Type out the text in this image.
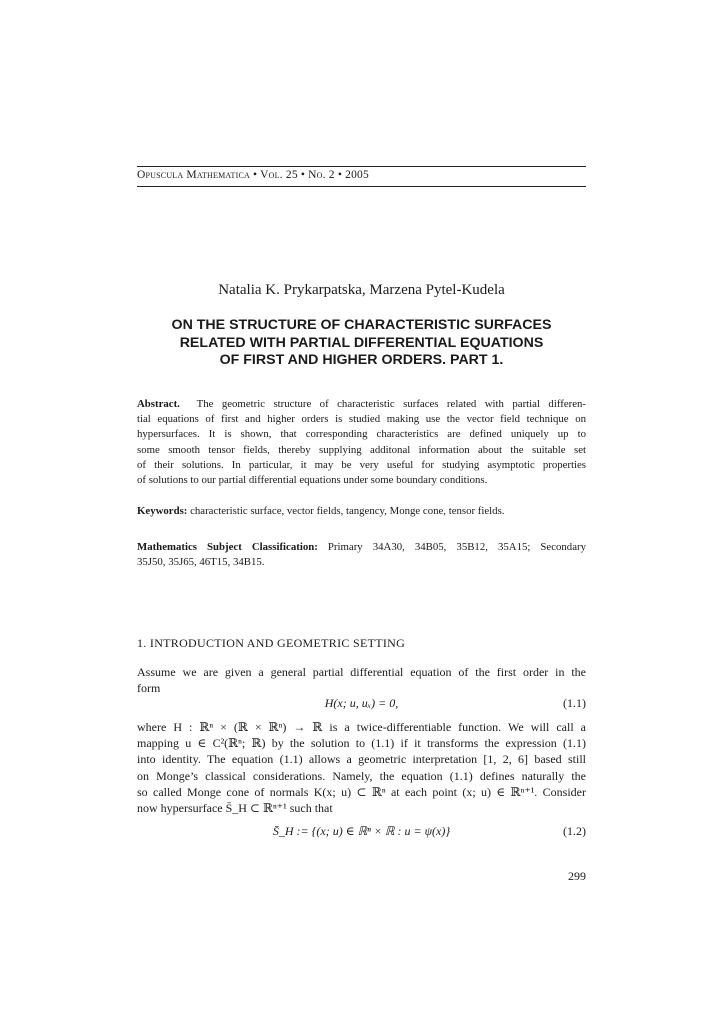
Opuscula Mathematica • Vol. 25 • No. 2 • 2005
Natalia K. Prykarpatska, Marzena Pytel-Kudela
ON THE STRUCTURE OF CHARACTERISTIC SURFACES
RELATED WITH PARTIAL DIFFERENTIAL EQUATIONS
OF FIRST AND HIGHER ORDERS. PART 1.
Abstract. The geometric structure of characteristic surfaces related with partial differen-
tial equations of first and higher orders is studied making use the vector field technique on
hypersurfaces. It is shown, that corresponding characteristics are defined uniquely up to
some smooth tensor fields, thereby supplying additonal information about the suitable set
of their solutions. In particular, it may be very useful for studying asymptotic properties
of solutions to our partial differential equations under some boundary conditions.
Keywords: characteristic surface, vector fields, tangency, Monge cone, tensor fields.
Mathematics Subject Classification: Primary 34A30, 34B05, 35B12, 35A15; Secondary
35J50, 35J65, 46T15, 34B15.
1. INTRODUCTION AND GEOMETRIC SETTING
Assume we are given a general partial differential equation of the first order in the
form
H(x; u, uₓ) = 0,	(1.1)
where H : ℝⁿ × (ℝ × ℝⁿ) → ℝ is a twice-differentiable function. We will call a
mapping u ∈ C²(ℝⁿ; ℝ) by the solution to (1.1) if it transforms the expression (1.1)
into identity. The equation (1.1) allows a geometric interpretation [1, 2, 6] based still
on Monge’s classical considerations. Namely, the equation (1.1) defines naturally the
so called Monge cone of normals K(x; u) ⊂ ℝⁿ at each point (x; u) ∈ ℝⁿ⁺¹. Consider
now hypersurface S̄_H ⊂ ℝⁿ⁺¹ such that
S̄_H := {(x; u) ∈ ℝⁿ × ℝ : u = ψ(x)}	(1.2)
299
